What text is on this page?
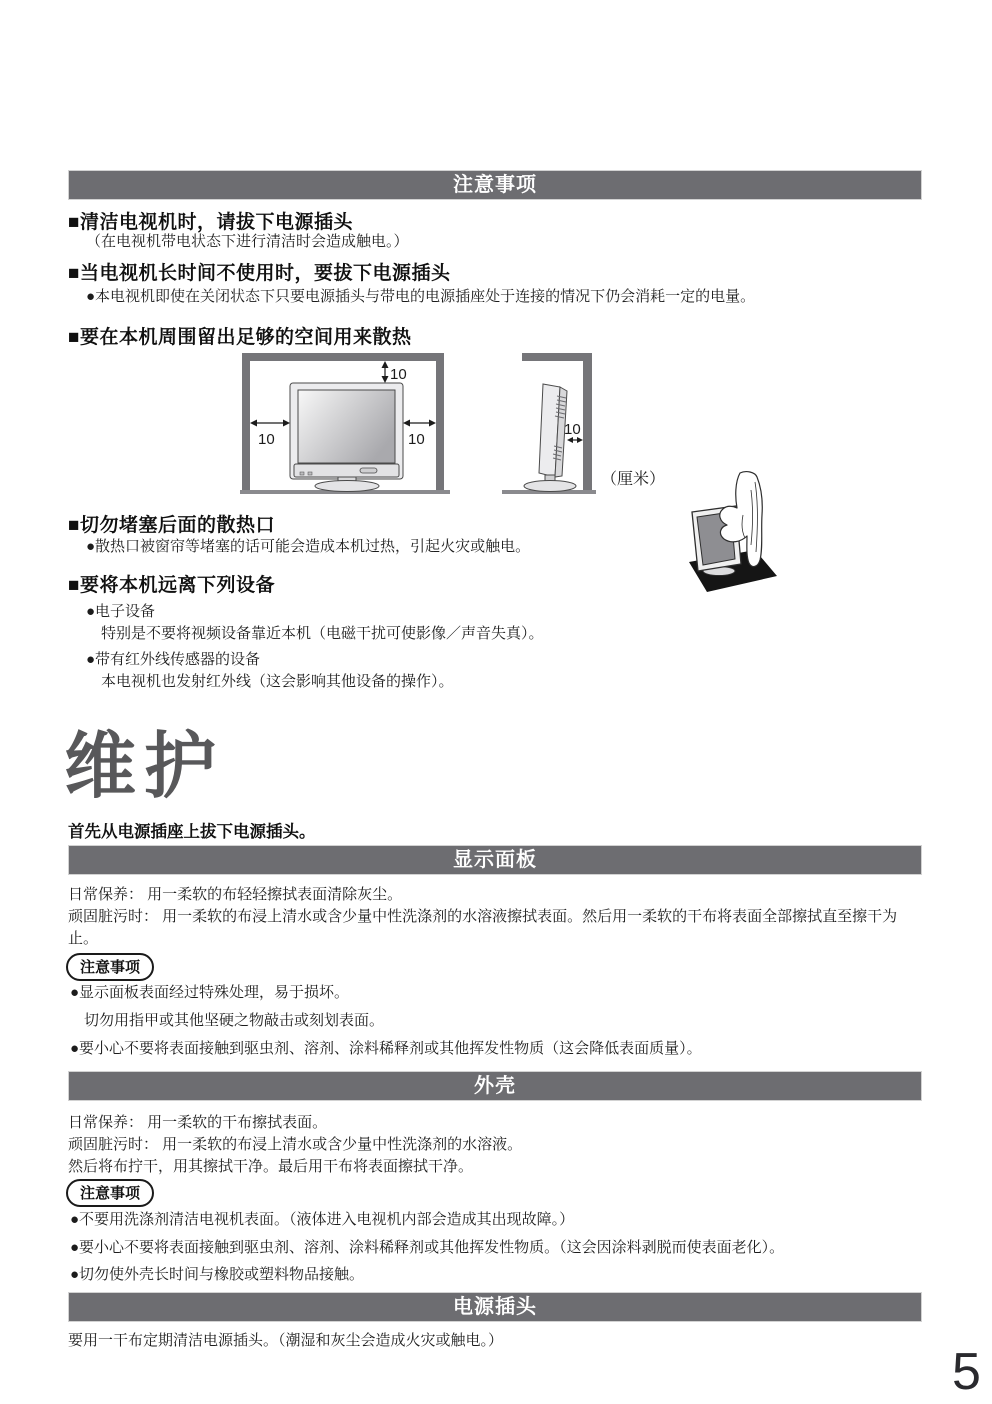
注意事项
■清洁电视机时，请拔下电源插头
（在电视机带电状态下进行清洁时会造成触电。）
■当电视机长时间不使用时，要拔下电源插头
●本电视机即使在关闭状态下只要电源插头与带电的电源插座处于连接的情况下仍会消耗一定的电量。
■要在本机周围留出足够的空间用来散热
10
10	10
10
（厘米）
■切勿堵塞后面的散热口
●散热口被窗帘等堵塞的话可能会造成本机过热，引起火灾或触电。
■要将本机远离下列设备
●电子设备
特别是不要将视频设备靠近本机（电磁干扰可使影像／声音失真）。
●带有红外线传感器的设备
本电视机也发射红外线（这会影响其他设备的操作）。
维护
首先从电源插座上拔下电源插头。
显示面板
日常保养： 用一柔软的布轻轻擦拭表面清除灰尘。
顽固脏污时： 用一柔软的布浸上清水或含少量中性洗涤剂的水溶液擦拭表面。然后用一柔软的干布将表面全部擦拭直至擦干为止。
注意事项
●显示面板表面经过特殊处理，易于损坏。
切勿用指甲或其他坚硬之物敲击或刻划表面。
●要小心不要将表面接触到驱虫剂、溶剂、涂料稀释剂或其他挥发性物质（这会降低表面质量）。
外壳
日常保养： 用一柔软的干布擦拭表面。
顽固脏污时： 用一柔软的布浸上清水或含少量中性洗涤剂的水溶液。
然后将布拧干，用其擦拭干净。最后用干布将表面擦拭干净。
注意事项
●不要用洗涤剂清洁电视机表面。（液体进入电视机内部会造成其出现故障。）
●要小心不要将表面接触到驱虫剂、溶剂、涂料稀释剂或其他挥发性物质。（这会因涂料剥脱而使表面老化）。
●切勿使外壳长时间与橡胶或塑料物品接触。
电源插头
要用一干布定期清洁电源插头。（潮湿和灰尘会造成火灾或触电。）
5
